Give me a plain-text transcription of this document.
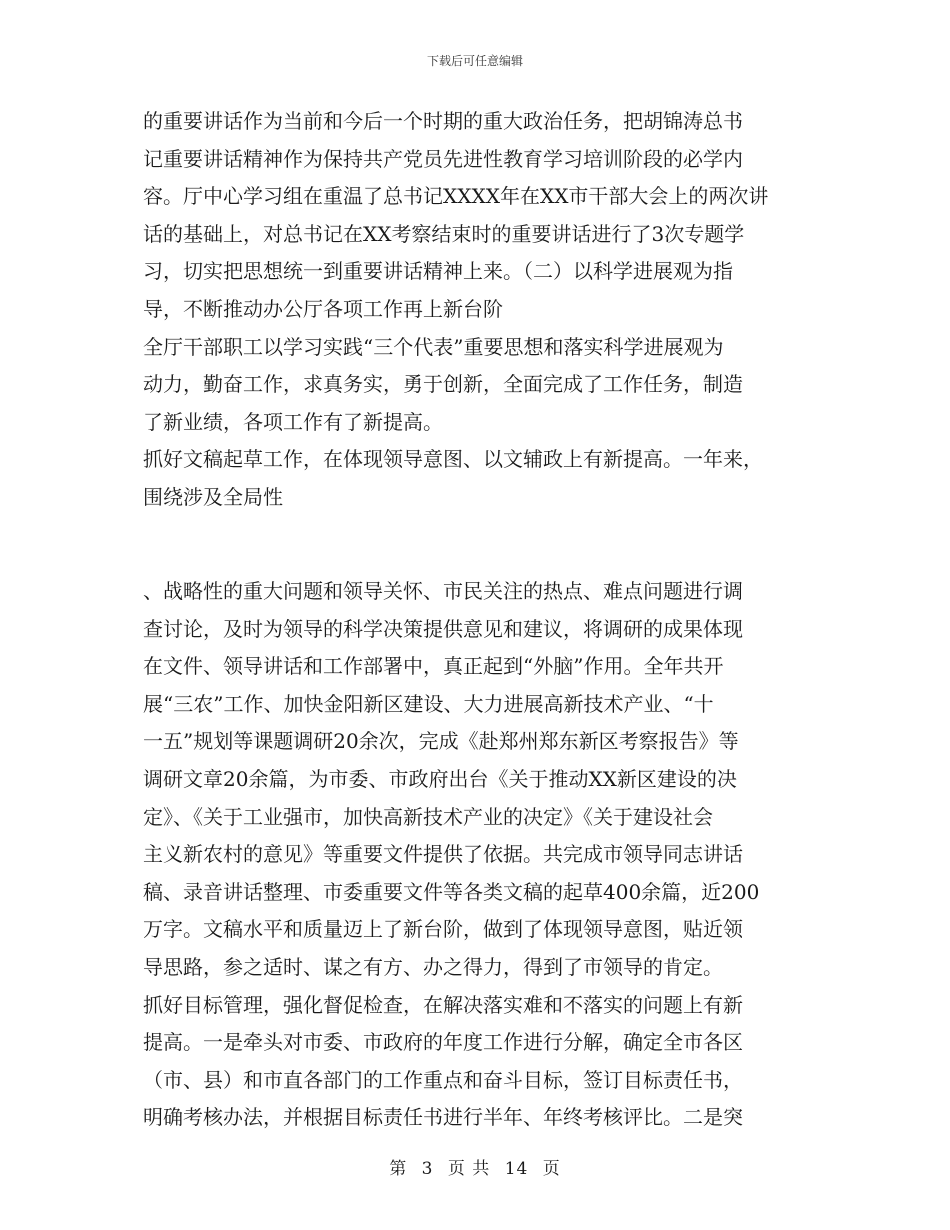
下载后可任意编辑
的重要讲话作为当前和今后一个时期的重大政治任务，把胡锦涛总书
记重要讲话精神作为保持共产党员先进性教育学习培训阶段的必学内
容。厅中心学习组在重温了总书记XXXX年在XX市干部大会上的两次讲
话的基础上，对总书记在XX考察结束时的重要讲话进行了3次专题学
习，切实把思想统一到重要讲话精神上来。（二）以科学进展观为指
导，不断推动办公厅各项工作再上新台阶
全厅干部职工以学习实践“三个代表”重要思想和落实科学进展观为
动力，勤奋工作，求真务实，勇于创新，全面完成了工作任务，制造
了新业绩，各项工作有了新提高。
抓好文稿起草工作，在体现领导意图、以文辅政上有新提高。一年来，
围绕涉及全局性
、战略性的重大问题和领导关怀、市民关注的热点、难点问题进行调
查讨论，及时为领导的科学决策提供意见和建议，将调研的成果体现
在文件、领导讲话和工作部署中，真正起到“外脑”作用。全年共开
展“三农”工作、加快金阳新区建设、大力进展高新技术产业、“十
一五”规划等课题调研20余次，完成《赴郑州郑东新区考察报告》等
调研文章20余篇，为市委、市政府出台《关于推动XX新区建设的决
定》、《关于工业强市，加快高新技术产业的决定》《关于建设社会
主义新农村的意见》等重要文件提供了依据。共完成市领导同志讲话
稿、录音讲话整理、市委重要文件等各类文稿的起草400余篇，近200
万字。文稿水平和质量迈上了新台阶，做到了体现领导意图，贴近领
导思路，参之适时、谋之有方、办之得力，得到了市领导的肯定。
抓好目标管理，强化督促检查，在解决落实难和不落实的问题上有新
提高。一是牵头对市委、市政府的年度工作进行分解，确定全市各区
（市、县）和市直各部门的工作重点和奋斗目标，签订目标责任书，
明确考核办法，并根据目标责任书进行半年、年终考核评比。二是突
第 3 页 共 14 页
